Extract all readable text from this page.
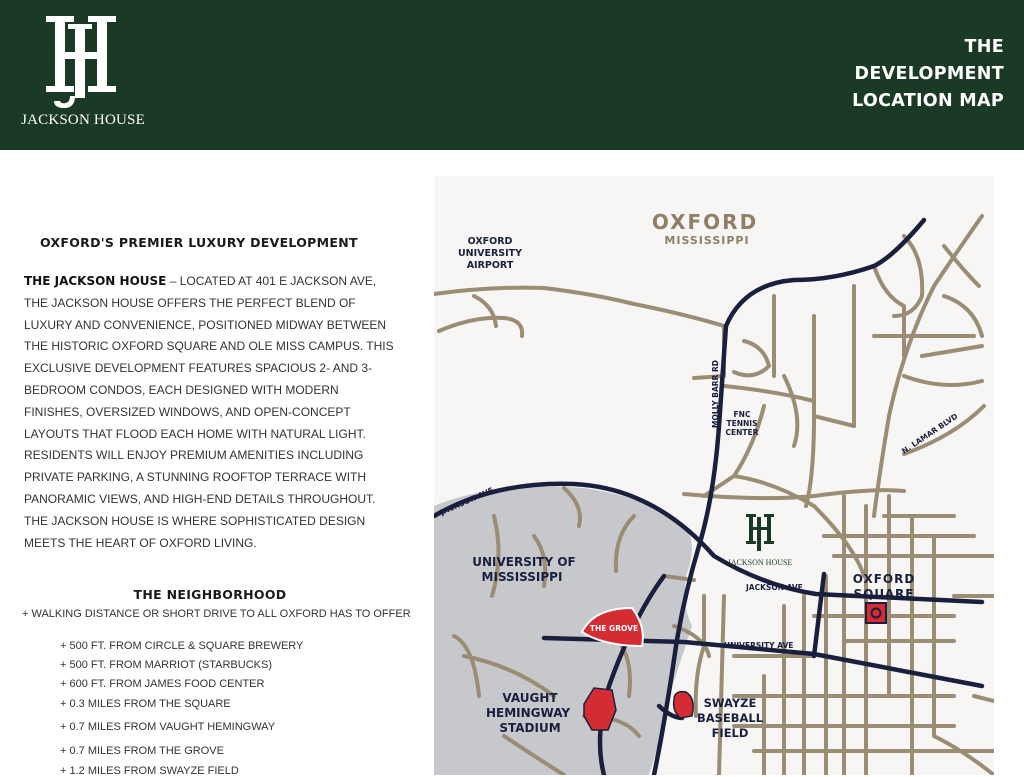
JACKSON HOUSE
THE
DEVELOPMENT
LOCATION MAP
OXFORD'S PREMIER LUXURY DEVELOPMENT
THE JACKSON HOUSE – LOCATED AT 401 E JACKSON AVE, THE JACKSON HOUSE OFFERS THE PERFECT BLEND OF LUXURY AND CONVENIENCE, POSITIONED MIDWAY BETWEEN THE HISTORIC OXFORD SQUARE AND OLE MISS CAMPUS. THIS EXCLUSIVE DEVELOPMENT FEATURES SPACIOUS 2- AND 3-BEDROOM CONDOS, EACH DESIGNED WITH MODERN FINISHES, OVERSIZED WINDOWS, AND OPEN-CONCEPT LAYOUTS THAT FLOOD EACH HOME WITH NATURAL LIGHT. RESIDENTS WILL ENJOY PREMIUM AMENITIES INCLUDING PRIVATE PARKING, A STUNNING ROOFTOP TERRACE WITH PANORAMIC VIEWS, AND HIGH-END DETAILS THROUGHOUT. THE JACKSON HOUSE IS WHERE SOPHISTICATED DESIGN MEETS THE HEART OF OXFORD LIVING.
THE NEIGHBORHOOD
+ WALKING DISTANCE OR SHORT DRIVE TO ALL OXFORD HAS TO OFFER
+ 500 FT. FROM CIRCLE & SQUARE BREWERY
+ 500 FT. FROM MARRIOT (STARBUCKS)
+ 600 FT. FROM JAMES FOOD CENTER
+ 0.3 MILES FROM THE SQUARE
+ 0.7 MILES FROM VAUGHT HEMINGWAY
+ 0.7 MILES FROM THE GROVE
+ 1.2 MILES FROM SWAYZE FIELD
JACKSON HOUSE
OXFORD
MISSISSIPPI
OXFORD
UNIVERSITY
AIRPORT
MOLLY BARR RD FNC
TENNIS
CENTER	N. LAMAR BLVD
JACKSON AVE
JACKSON AVE
UNIVERSITY AVE
UNIVERSITY OF
MISSISSIPPI
THE GROVE
VAUGHT
HEMINGWAY
STADIUM
SWAYZE
BASEBALL
FIELD
OXFORD
SQUARE
